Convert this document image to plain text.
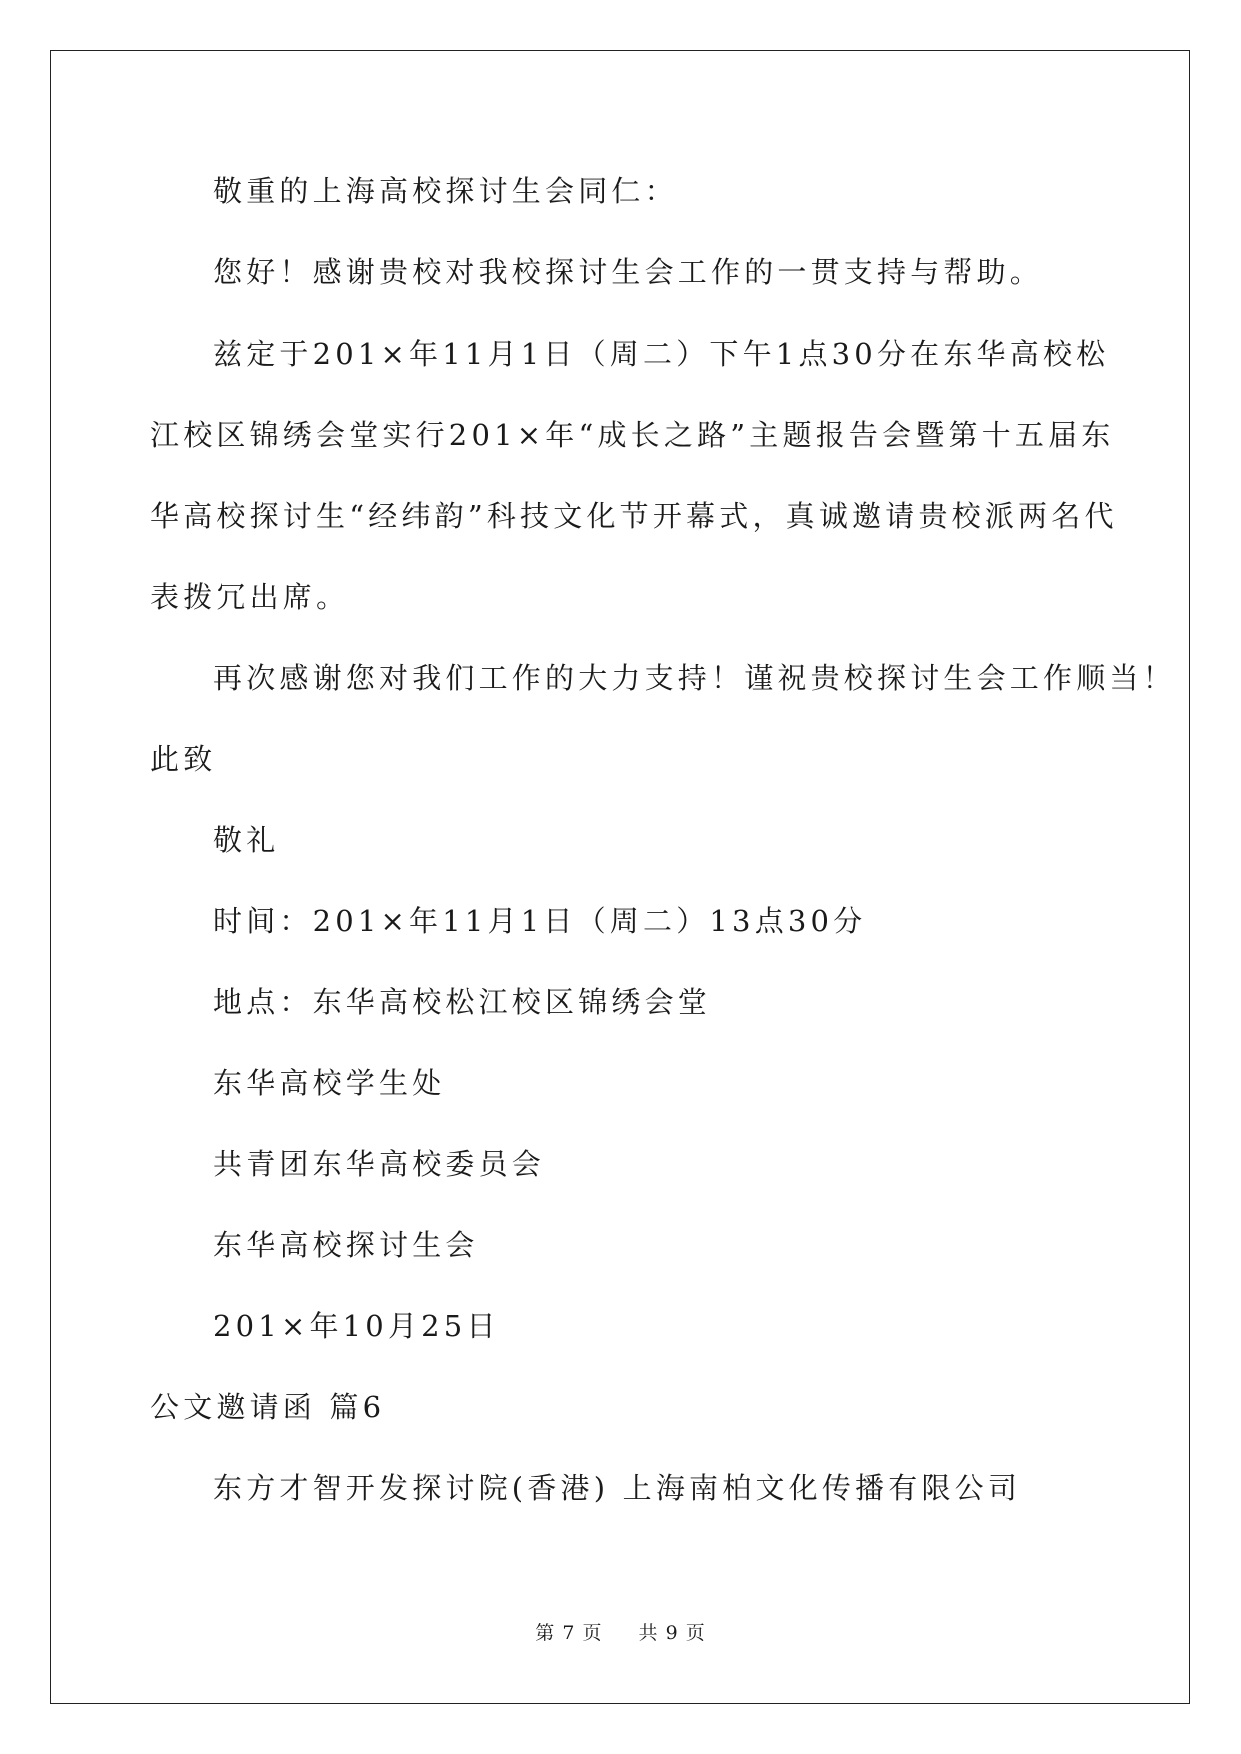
敬重的上海高校探讨生会同仁：
您好！感谢贵校对我校探讨生会工作的一贯支持与帮助。
兹定于201×年11月1日（周二）下午1点30分在东华高校松
江校区锦绣会堂实行201×年“成长之路”主题报告会暨第十五届东
华高校探讨生“经纬韵”科技文化节开幕式，真诚邀请贵校派两名代
表拨冗出席。
再次感谢您对我们工作的大力支持！谨祝贵校探讨生会工作顺当！
此致
敬礼
时间：201×年11月1日（周二）13点30分
地点：东华高校松江校区锦绣会堂
东华高校学生处
共青团东华高校委员会
东华高校探讨生会
201×年10月25日
公文邀请函 篇6
东方才智开发探讨院(香港) 上海南柏文化传播有限公司
第 7 页 共 9 页
